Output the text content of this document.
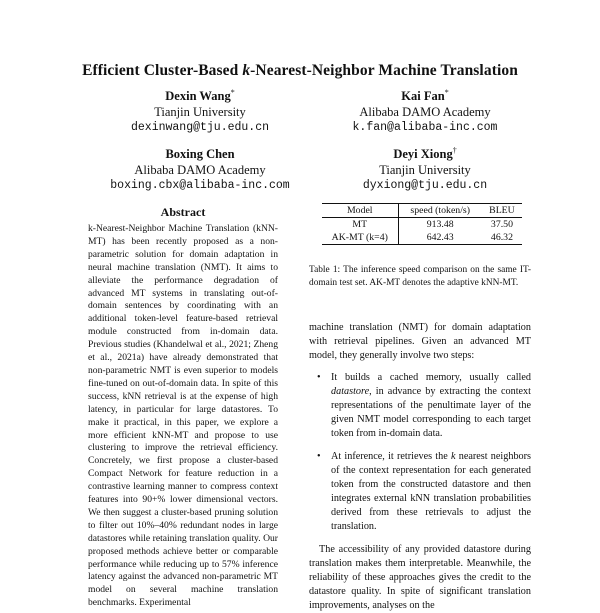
Efficient Cluster-Based k-Nearest-Neighbor Machine Translation
Dexin Wang*
Tianjin University
dexinwang@tju.edu.cn
Kai Fan*
Alibaba DAMO Academy
k.fan@alibaba-inc.com
Boxing Chen
Alibaba DAMO Academy
boxing.cbx@alibaba-inc.com
Deyi Xiong†
Tianjin University
dyxiong@tju.edu.cn
Abstract
k-Nearest-Neighbor Machine Translation (kNN-MT) has been recently proposed as a non-parametric solution for domain adaptation in neural machine translation (NMT). It aims to alleviate the performance degradation of advanced MT systems in translating out-of-domain sentences by coordinating with an additional token-level feature-based retrieval module constructed from in-domain data. Previous studies (Khandelwal et al., 2021; Zheng et al., 2021a) have already demonstrated that non-parametric NMT is even superior to models fine-tuned on out-of-domain data. In spite of this success, kNN retrieval is at the expense of high latency, in particular for large datastores. To make it practical, in this paper, we explore a more efficient kNN-MT and propose to use clustering to improve the retrieval efficiency. Concretely, we first propose a cluster-based Compact Network for feature reduction in a contrastive learning manner to compress context features into 90+% lower dimensional vectors. We then suggest a cluster-based pruning solution to filter out 10%–40% redundant nodes in large datastores while retaining translation quality. Our proposed methods achieve better or comparable performance while reducing up to 57% inference latency against the advanced non-parametric MT model on several machine translation benchmarks. Experimental
Model	speed (token/s)	BLEU
MT	913.48	37.50
AK-MT (k=4)	642.43	46.32
Table 1: The inference speed comparison on the same IT-domain test set. AK-MT denotes the adaptive kNN-MT.

machine translation (NMT) for domain adaptation with retrieval pipelines. Given an advanced MT model, they generally involve two steps:

• It builds a cached memory, usually called datastore, in advance by extracting the context representations of the penultimate layer of the given NMT model corresponding to each target token from in-domain data.
• At inference, it retrieves the k nearest neighbors of the context representation for each generated token from the constructed datastore and then integrates external kNN translation probabilities derived from these retrievals to adjust the translation.

The accessibility of any provided datastore during translation makes them interpretable. Meanwhile, the reliability of these approaches gives the credit to the datastore quality. In spite of significant translation improvements, analyses on the
